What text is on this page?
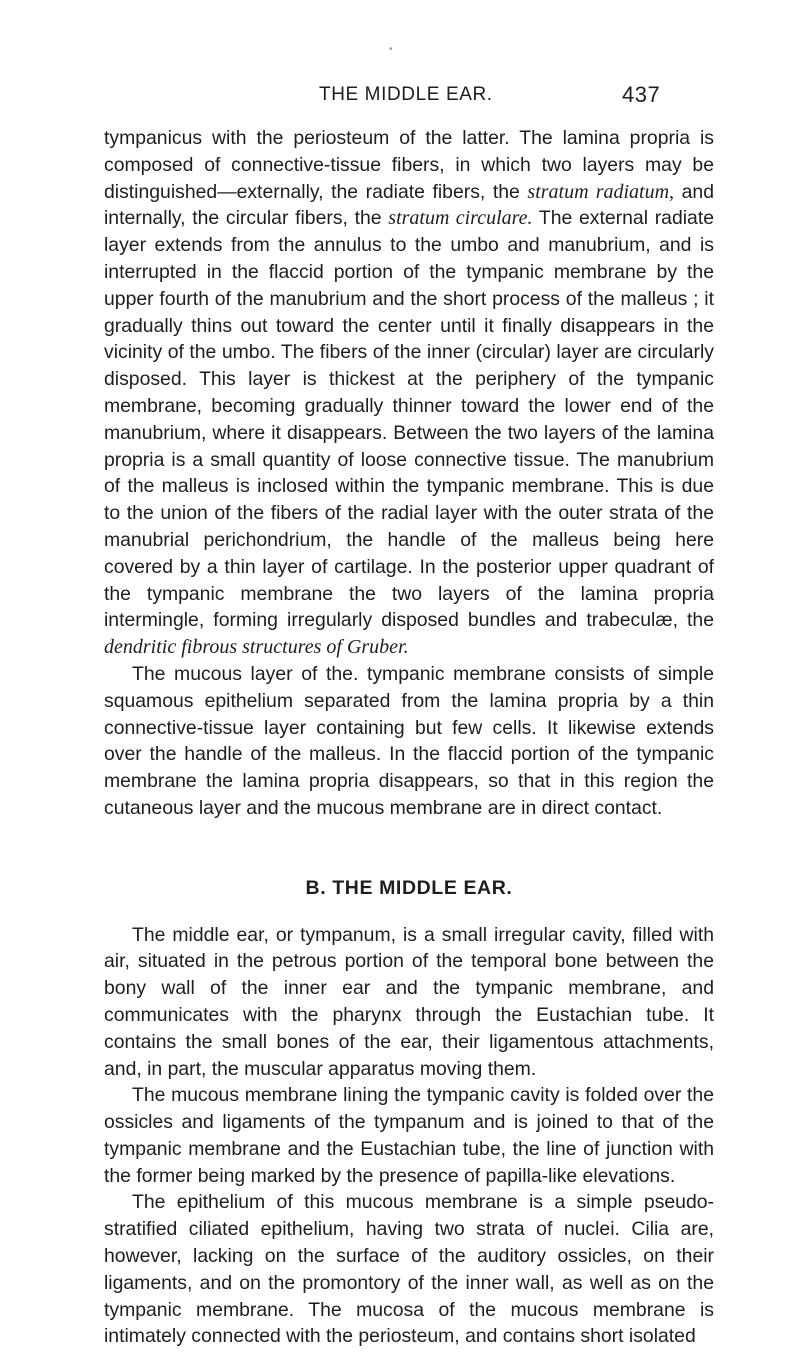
•
THE MIDDLE EAR.	437

tympanicus with the periosteum of the latter. The lamina propria is composed of connective-tissue fibers, in which two layers may be distinguished—externally, the radiate fibers, the stratum radiatum, and internally, the circular fibers, the stratum circulare. The external radiate layer extends from the annulus to the umbo and manubrium, and is interrupted in the flaccid portion of the tympanic membrane by the upper fourth of the manubrium and the short process of the malleus ; it gradually thins out toward the center until it finally disappears in the vicinity of the umbo. The fibers of the inner (circular) layer are circularly disposed. This layer is thickest at the periphery of the tympanic membrane, becoming gradually thinner toward the lower end of the manubrium, where it disappears. Between the two layers of the lamina propria is a small quantity of loose connective tissue. The manubrium of the malleus is inclosed within the tympanic membrane. This is due to the union of the fibers of the radial layer with the outer strata of the manubrial perichondrium, the handle of the malleus being here covered by a thin layer of cartilage. In the posterior upper quadrant of the tympanic membrane the two layers of the lamina propria intermingle, forming irregularly disposed bundles and trabeculæ, the dendritic fibrous structures of Gruber.

The mucous layer of the. tympanic membrane consists of simple squamous epithelium separated from the lamina propria by a thin connective-tissue layer containing but few cells. It likewise extends over the handle of the malleus. In the flaccid portion of the tympanic membrane the lamina propria disappears, so that in this region the cutaneous layer and the mucous membrane are in direct contact.

B. THE MIDDLE EAR.

The middle ear, or tympanum, is a small irregular cavity, filled with air, situated in the petrous portion of the temporal bone between the bony wall of the inner ear and the tympanic membrane, and communicates with the pharynx through the Eustachian tube. It contains the small bones of the ear, their ligamentous attachments, and, in part, the muscular apparatus moving them.

The mucous membrane lining the tympanic cavity is folded over the ossicles and ligaments of the tympanum and is joined to that of the tympanic membrane and the Eustachian tube, the line of junction with the former being marked by the presence of papilla-like elevations.

The epithelium of this mucous membrane is a simple pseudo-stratified ciliated epithelium, having two strata of nuclei. Cilia are, however, lacking on the surface of the auditory ossicles, on their ligaments, and on the promontory of the inner wall, as well as on the tympanic membrane. The mucosa of the mucous membrane is intimately connected with the periosteum, and contains short isolated
